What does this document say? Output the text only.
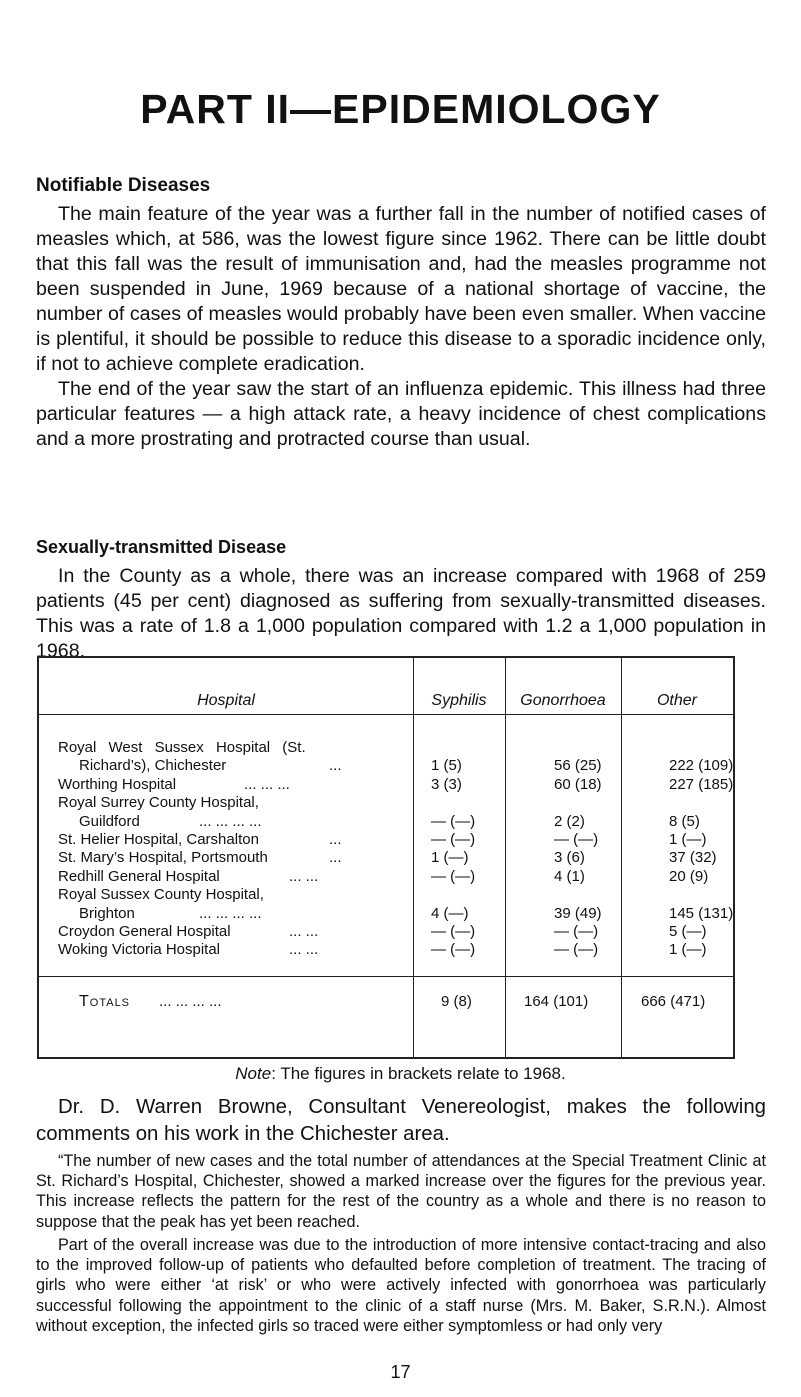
PART II—EPIDEMIOLOGY
Notifiable Diseases

The main feature of the year was a further fall in the number of notified cases of measles which, at 586, was the lowest figure since 1962. There can be little doubt that this fall was the result of immunisation and, had the measles programme not been suspended in June, 1969 because of a national shortage of vaccine, the number of cases of measles would probably have been even smaller. When vaccine is plentiful, it should be possible to reduce this disease to a sporadic incidence only, if not to achieve complete eradication.

The end of the year saw the start of an influenza epidemic. This illness had three particular features — a high attack rate, a heavy incidence of chest complications and a more prostrating and protracted course than usual.

Sexually-transmitted Disease

In the County as a whole, there was an increase compared with 1968 of 259 patients (45 per cent) diagnosed as suffering from sexually-transmitted diseases. This was a rate of 1.8 a 1,000 population compared with 1.2 a 1,000 population in 1968.

Hospital	Syphilis	Gonorrhoea	Other
Royal West Sussex Hospital (St.
Richard’s), Chichester	...	1 (5)	56 (25)	222 (109)
Worthing Hospital	... ... ...	3 (3)	60 (18)	227 (185)
Royal Surrey County Hospital,
Guildford	... ... ... ...	— (—)	2 (2)	8 (5)
St. Helier Hospital, Carshalton	...	— (—)	— (—)	1 (—)
St. Mary’s Hospital, Portsmouth	...	1 (—)	3 (6)	37 (32)
Redhill General Hospital	... ...	— (—)	4 (1)	20 (9)
Royal Sussex County Hospital,
Brighton	... ... ... ...	4 (—)	39 (49)	145 (131)
Croydon General Hospital	... ...	— (—)	— (—)	5 (—)
Woking Victoria Hospital	... ...	— (—)	— (—)	1 (—)
Totals ... ... ... ...	9 (8)	164 (101)	666 (471)
Note: The figures in brackets relate to 1968.

Dr. D. Warren Browne, Consultant Venereologist, makes the following comments on his work in the Chichester area.

“The number of new cases and the total number of attendances at the Special Treatment Clinic at St. Richard’s Hospital, Chichester, showed a marked increase over the figures for the previous year. This increase reflects the pattern for the rest of the country as a whole and there is no reason to suppose that the peak has yet been reached.

Part of the overall increase was due to the introduction of more intensive contact-tracing and also to the improved follow-up of patients who defaulted before completion of treatment. The tracing of girls who were either ‘at risk’ or who were actively infected with gonorrhoea was particularly successful following the appointment to the clinic of a staff nurse (Mrs. M. Baker, S.R.N.). Almost without exception, the infected girls so traced were either symptomless or had only very

17
